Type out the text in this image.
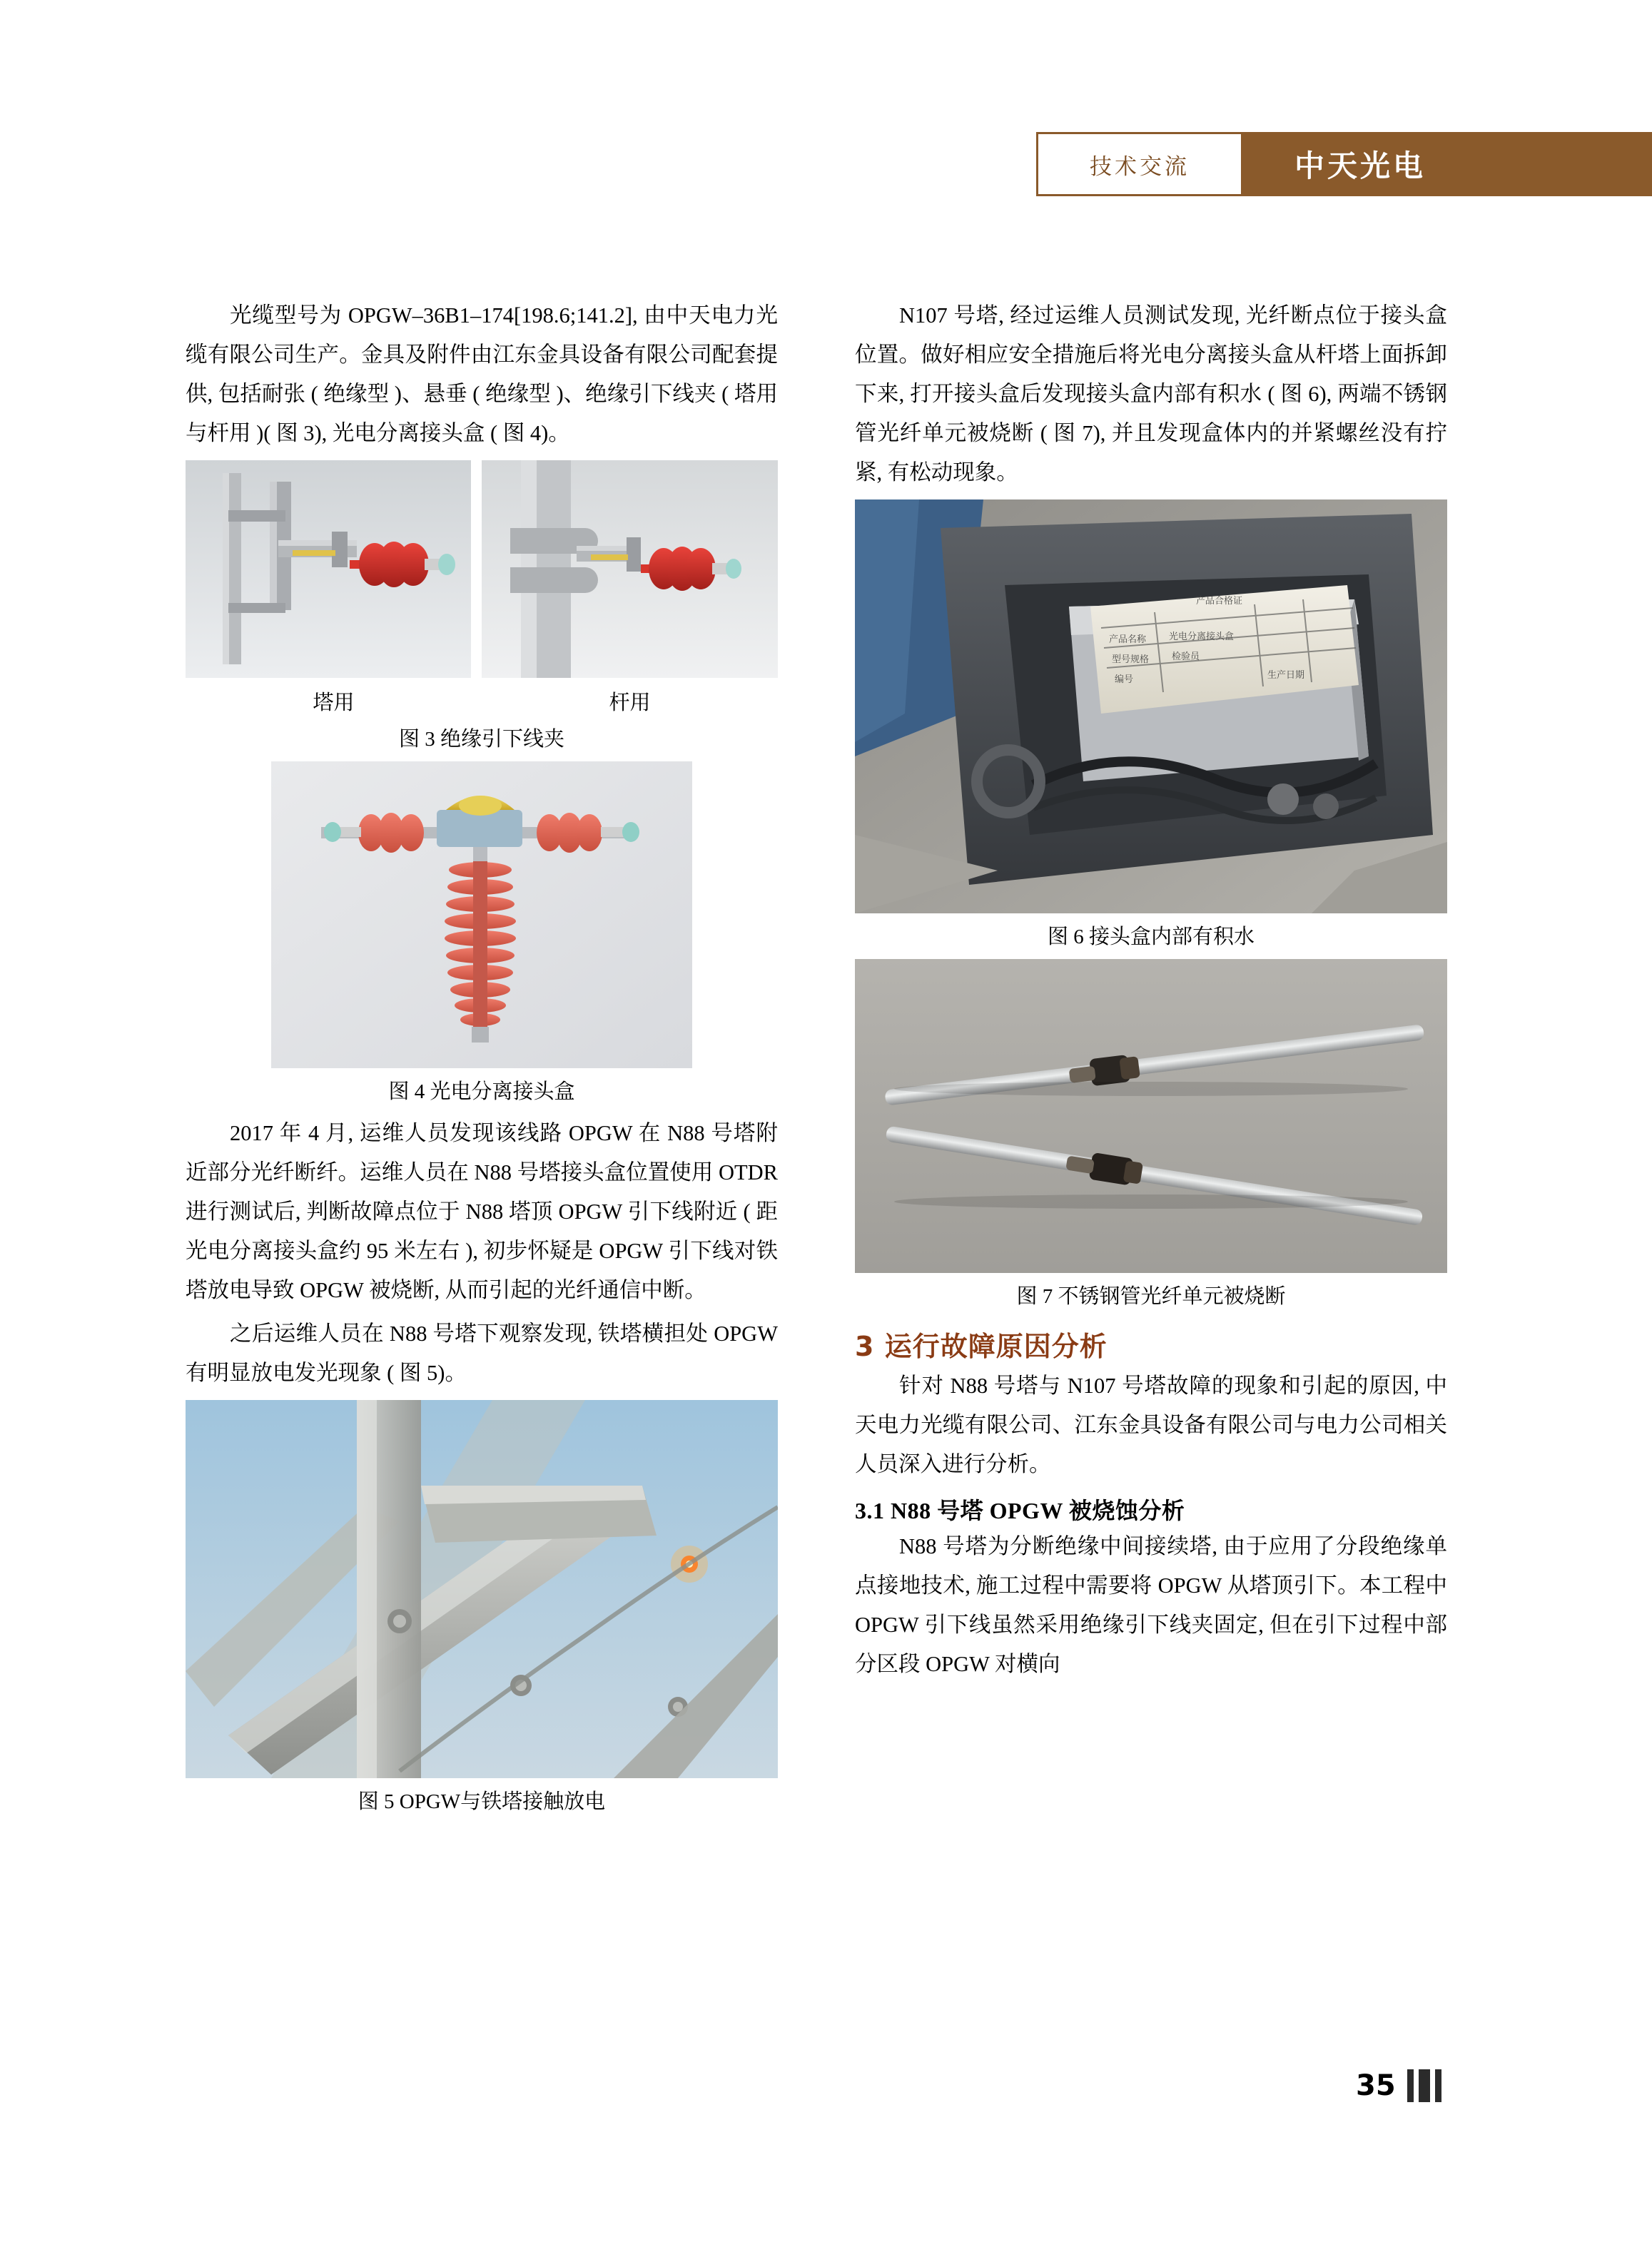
技术交流	中天光电

光缆型号为 OPGW–36B1–174[198.6;141.2], 由中天电力光缆有限公司生产。金具及附件由江东金具设备有限公司配套提供, 包括耐张 ( 绝缘型 )、悬垂 ( 绝缘型 )、绝缘引下线夹 ( 塔用与杆用 )( 图 3), 光电分离接头盒 ( 图 4)。

塔用	杆用
图 3 绝缘引下线夹
图 4 光电分离接头盒

2017 年 4 月, 运维人员发现该线路 OPGW 在 N88 号塔附近部分光纤断纤。运维人员在 N88 号塔接头盒位置使用 OTDR 进行测试后, 判断故障点位于 N88 塔顶 OPGW 引下线附近 ( 距光电分离接头盒约 95 米左右 ), 初步怀疑是 OPGW 引下线对铁塔放电导致 OPGW 被烧断, 从而引起的光纤通信中断。

之后运维人员在 N88 号塔下观察发现, 铁塔横担处 OPGW 有明显放电发光现象 ( 图 5)。

图 5 OPGW与铁塔接触放电

N107 号塔, 经过运维人员测试发现, 光纤断点位于接头盒位置。做好相应安全措施后将光电分离接头盒从杆塔上面拆卸下来, 打开接头盒后发现接头盒内部有积水 ( 图 6), 两端不锈钢管光纤单元被烧断 ( 图 7), 并且发现盒体内的并紧螺丝没有拧紧, 有松动现象。

产品合格证
产品名称 光电分离接头盒
型号规格 检验员
编号	生产日期
图 6 接头盒内部有积水
图 7 不锈钢管光纤单元被烧断
3 运行故障原因分析

针对 N88 号塔与 N107 号塔故障的现象和引起的原因, 中天电力光缆有限公司、江东金具设备有限公司与电力公司相关人员深入进行分析。

3.1 N88 号塔 OPGW 被烧蚀分析

N88 号塔为分断绝缘中间接续塔, 由于应用了分段绝缘单点接地技术, 施工过程中需要将 OPGW 从塔顶引下。本工程中 OPGW 引下线虽然采用绝缘引下线夹固定, 但在引下过程中部分区段 OPGW 对横向

35
